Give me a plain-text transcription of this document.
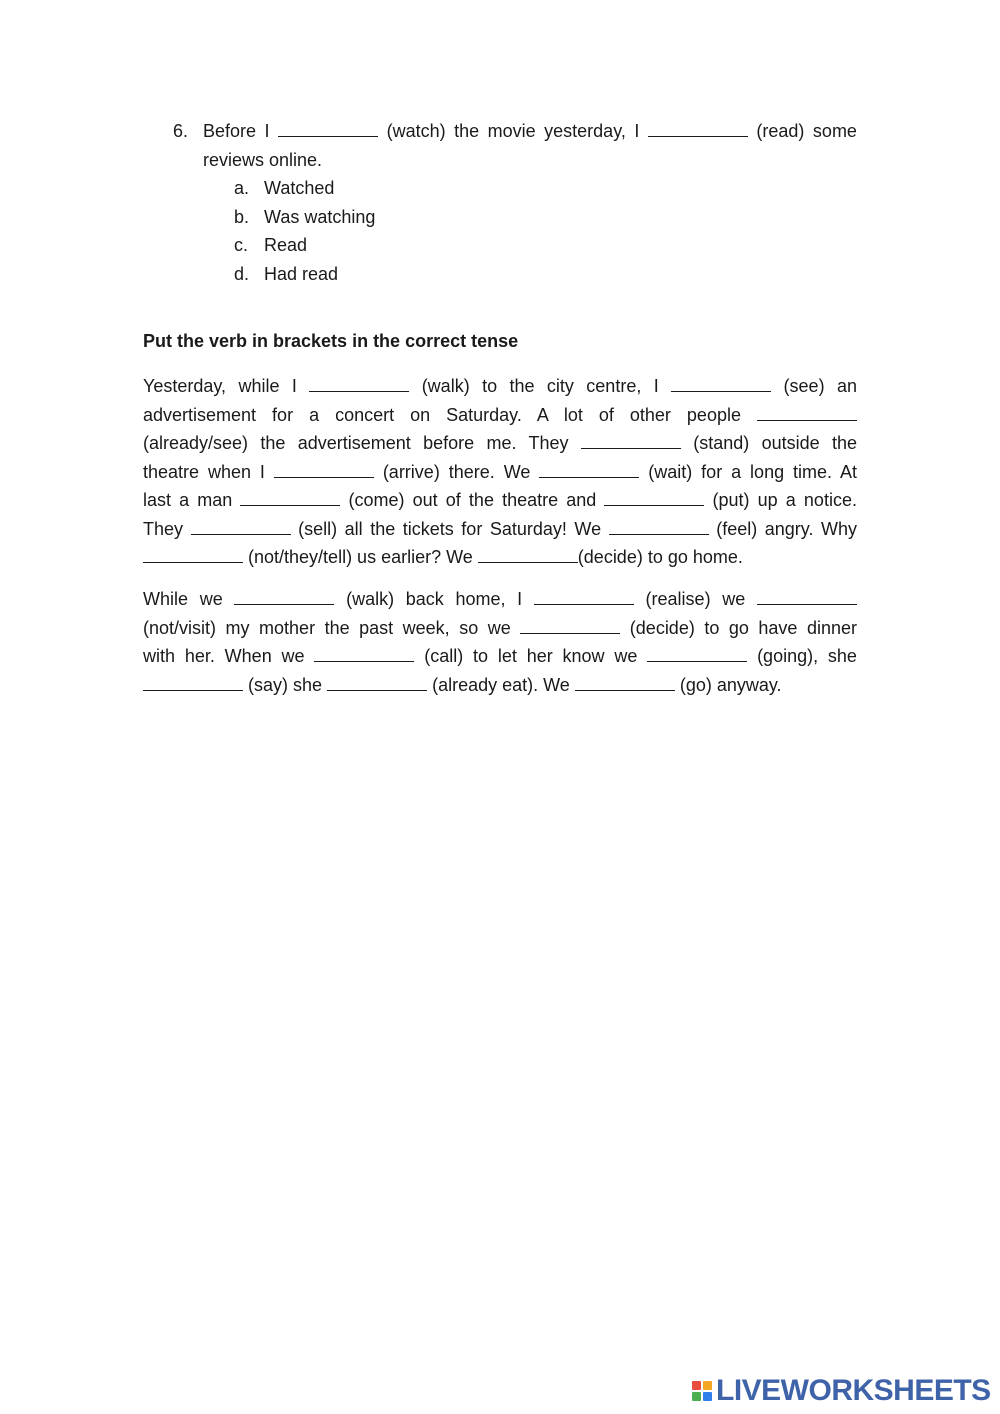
6. Before I	(watch) the movie yesterday, I	(read) some reviews online.
a. Watched
b. Was watching
c. Read
d. Had read
Put the verb in brackets in the correct tense

Yesterday, while I	(walk) to the city centre, I	(see) an
advertisement for a concert on Saturday. A lot of other people
(already/see) the advertisement before me. They	(stand) outside the
theatre when I	(arrive) there. We	(wait) for a long time. At
last a man	(come) out of the theatre and	(put) up a notice.
They	(sell) all the tickets for Saturday! We	(feel) angry. Why
(not/they/tell) us earlier? We	(decide) to go home.

While we	(walk) back home, I	(realise) we
(not/visit) my mother the past week, so we	(decide) to go have dinner
with her. When we	(call) to let her know we	(going), she
(say) she	(already eat). We	(go) anyway.

LIVEWORKSHEETS
